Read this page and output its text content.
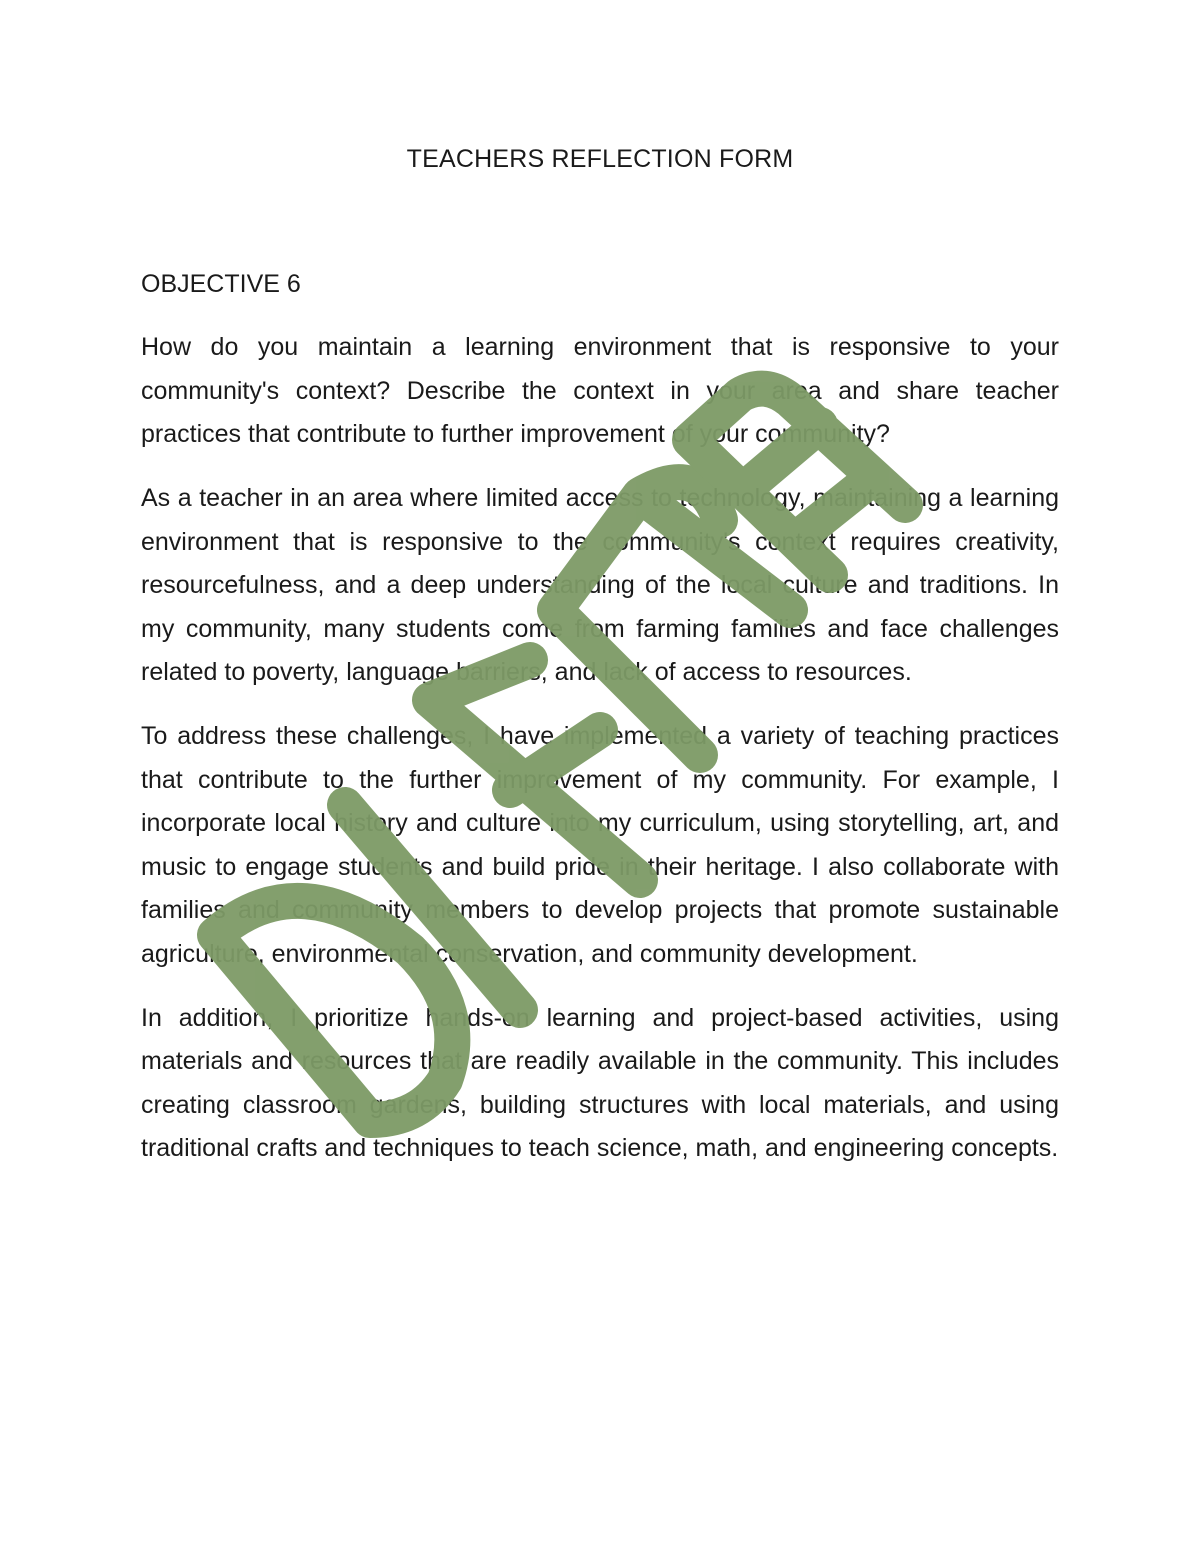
TEACHERS REFLECTION FORM

OBJECTIVE 6

How do you maintain a learning environment that is responsive to your community's context? Describe the context in your area and share teacher practices that contribute to further improvement of your community?

As a teacher in an area where limited access to technology, maintaining a learning environment that is responsive to the community's context requires creativity, resourcefulness, and a deep understanding of the local culture and traditions. In my community, many students come from farming families and face challenges related to poverty, language barriers, and lack of access to resources.

To address these challenges, I have implemented a variety of teaching practices that contribute to the further improvement of my community. For example, I incorporate local history and culture into my curriculum, using storytelling, art, and music to engage students and build pride in their heritage. I also collaborate with families and community members to develop projects that promote sustainable agriculture, environmental conservation, and community development.

In addition, I prioritize hands-on learning and project-based activities, using materials and resources that are readily available in the community. This includes creating classroom gardens, building structures with local materials, and using traditional crafts and techniques to teach science, math, and engineering concepts.
